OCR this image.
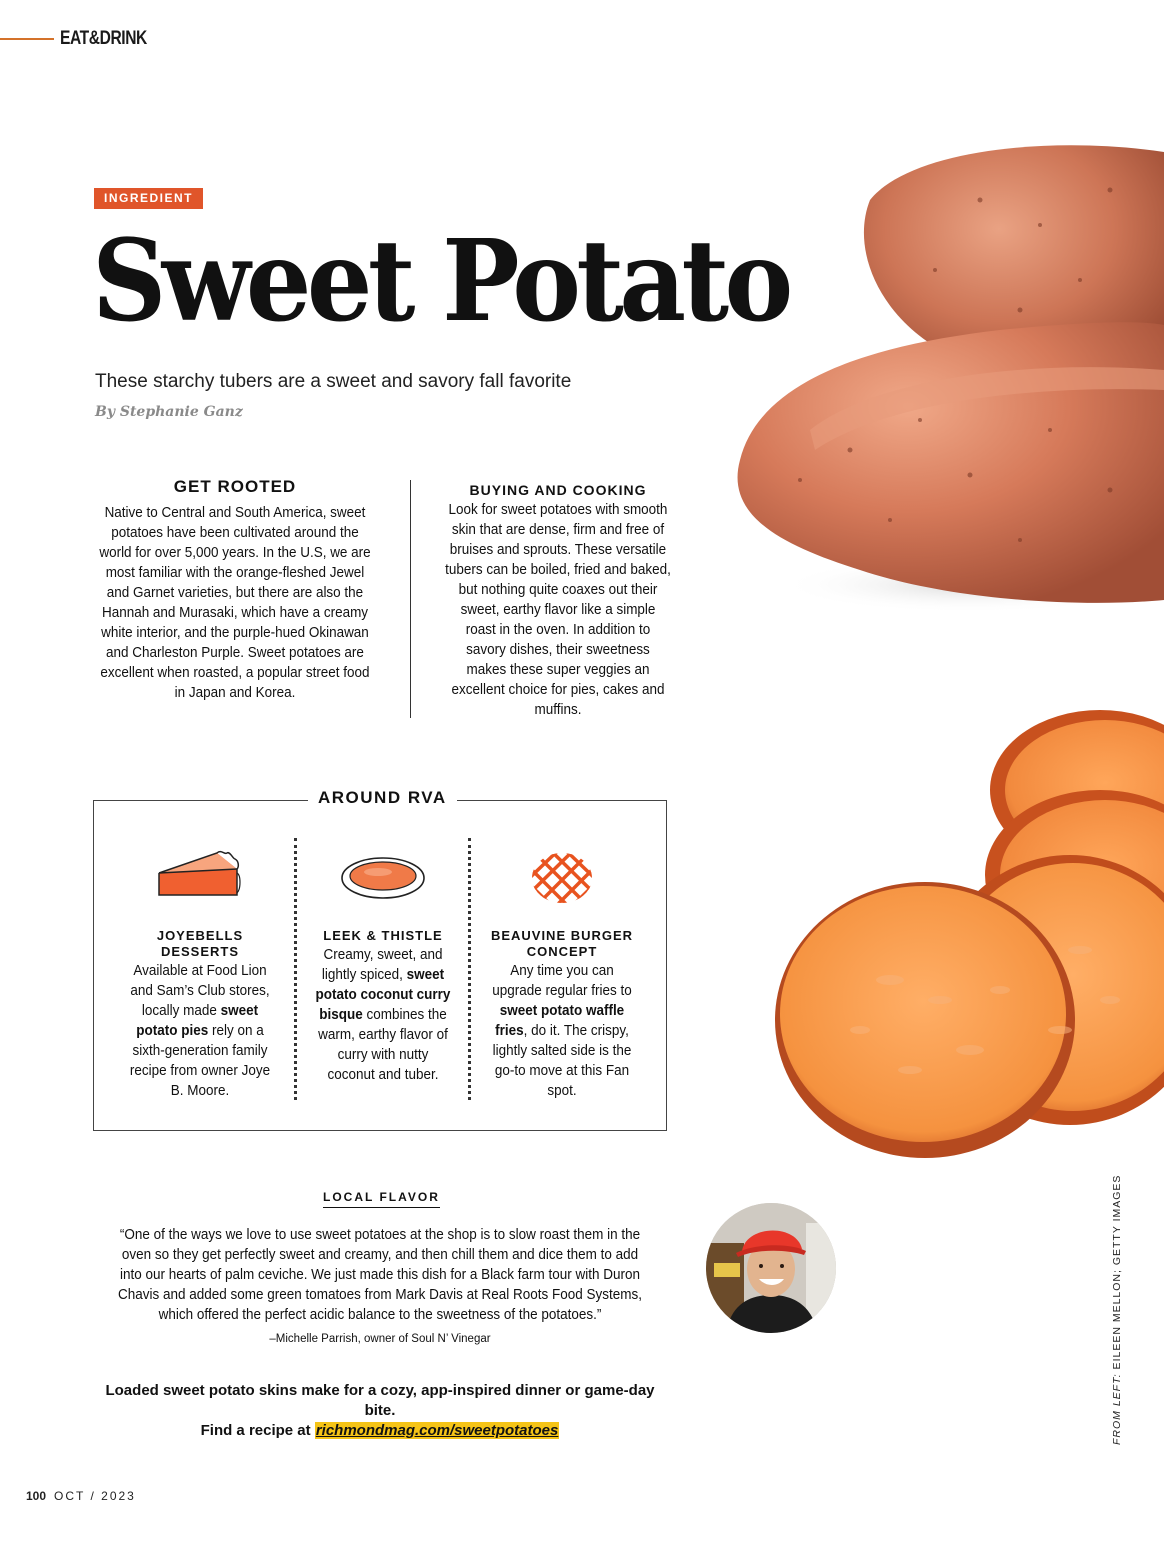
EAT&DRINK
INGREDIENT
Sweet Potato
These starchy tubers are a sweet and savory fall favorite
By Stephanie Ganz
GET ROOTED

Native to Central and South America, sweet potatoes have been cultivated around the world for over 5,000 years. In the U.S, we are most familiar with the orange-fleshed Jewel and Garnet varieties, but there are also the Hannah and Murasaki, which have a creamy white interior, and the purple-hued Okinawan and Charleston Purple. Sweet potatoes are excellent when roasted, a popular street food in Japan and Korea.

BUYING AND COOKING

Look for sweet potatoes with smooth skin that are dense, firm and free of bruises and sprouts. These versatile tubers can be boiled, fried and baked, but nothing quite coaxes out their sweet, earthy flavor like a simple roast in the oven. In addition to savory dishes, their sweetness makes these super veggies an excellent choice for pies, cakes and muffins.

AROUND RVA
JOYEBELLS DESSERTS

Available at Food Lion and Sam’s Club stores, locally made sweet potato pies rely on a sixth-generation family recipe from owner Joye B. Moore.

LEEK & THISTLE

Creamy, sweet, and lightly spiced, sweet potato coconut curry bisque combines the warm, earthy flavor of curry with nutty coconut and tuber.

BEAUVINE BURGER CONCEPT

Any time you can upgrade regular fries to sweet potato waffle fries, do it. The crispy, lightly salted side is the go-to move at this Fan spot.

LOCAL FLAVOR

“One of the ways we love to use sweet potatoes at the shop is to slow roast them in the oven so they get perfectly sweet and creamy, and then chill them and dice them to add into our hearts of palm ceviche. We just made this dish for a Black farm tour with Duron Chavis and added some green tomatoes from Mark Davis at Real Roots Food Systems, which offered the perfect acidic balance to the sweetness of the potatoes.”

–Michelle Parrish, owner of Soul N’ Vinegar

Loaded sweet potato skins make for a cozy, app-inspired dinner or game-day bite.

Find a recipe at richmondmag.com/sweetpotatoes	FROM LEFT: EILEEN MELLON; GETTY IMAGES
100 OCT / 2023
